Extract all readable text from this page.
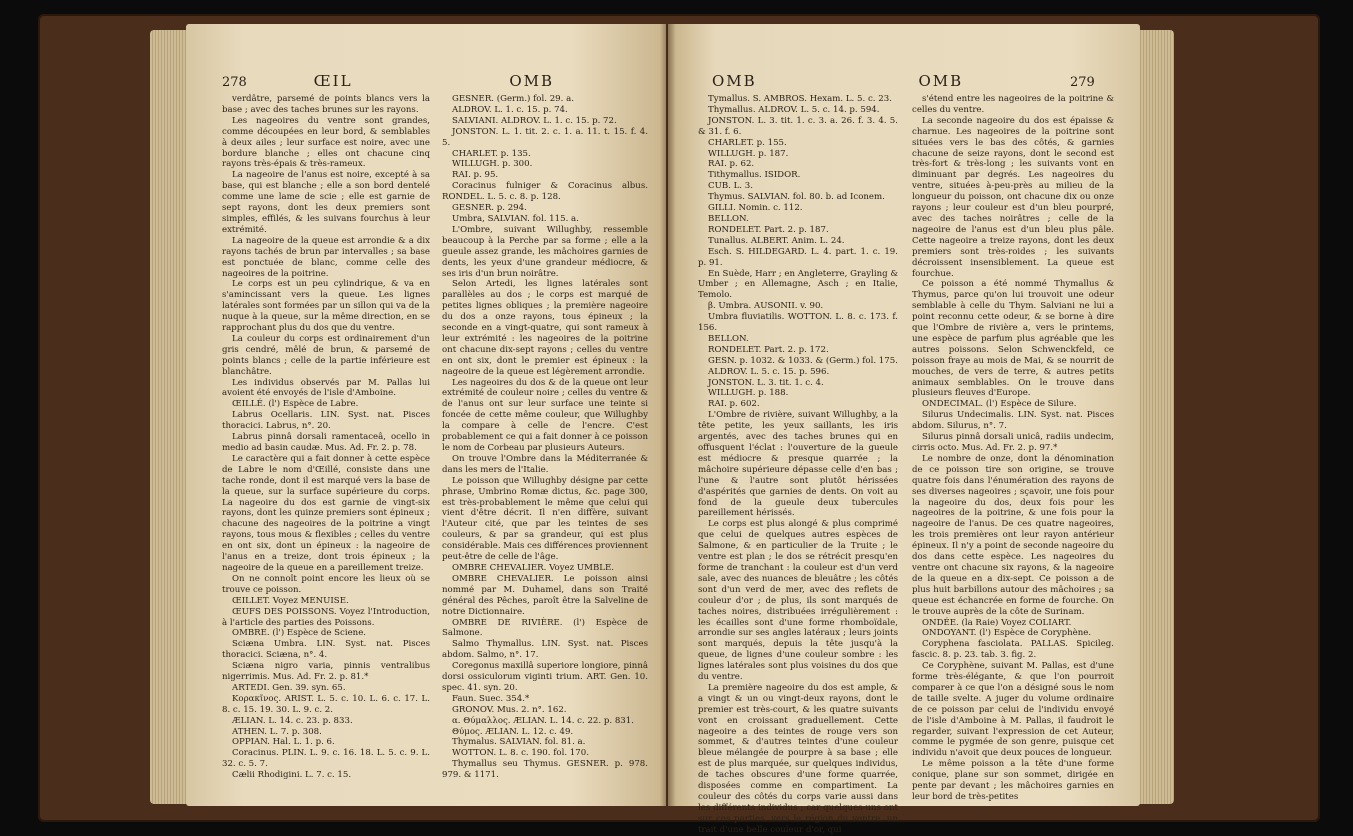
278	ŒIL	OMB

verdâtre, parsemé de points blancs vers la base ; avec des taches brunes sur les rayons.

Les nageoires du ventre sont grandes, comme découpées en leur bord, & semblables à deux ailes ; leur surface est noire, avec une bordure blanche ; elles ont chacune cinq rayons très-épais & très-rameux.

La nageoire de l'anus est noire, excepté à sa base, qui est blanche ; elle a son bord dentelé comme une lame de scie ; elle est garnie de sept rayons, dont les deux premiers sont simples, effilés, & les suivans fourchus à leur extrémité.

La nageoire de la queue est arrondie & a dix rayons tachés de brun par intervalles ; sa base est ponctuée de blanc, comme celle des nageoires de la poitrine.

Le corps est un peu cylindrique, & va en s'amincissant vers la queue. Les lignes latérales sont formées par un sillon qui va de la nuque à la queue, sur la même direction, en se rapprochant plus du dos que du ventre.

La couleur du corps est ordinairement d'un gris cendré, mêlé de brun, & parsemé de points blancs ; celle de la partie inférieure est blanchâtre.

Les individus observés par M. Pallas lui avoient été envoyés de l'isle d'Amboine.

ŒILLÉ. (l') Espèce de Labre.

Labrus Ocellaris. LIN. Syst. nat. Pisces thoracici. Labrus, n°. 20.

Labrus pinnâ dorsali ramentaceâ, ocello in medio ad basin caudæ. Mus. Ad. Fr. 2. p. 78.

Le caractère qui a fait donner à cette espèce de Labre le nom d'Œillé, consiste dans une tache ronde, dont il est marqué vers la base de la queue, sur la surface supérieure du corps. La nageoire du dos est garnie de vingt-six rayons, dont les quinze premiers sont épineux ; chacune des nageoires de la poitrine a vingt rayons, tous mous & flexibles ; celles du ventre en ont six, dont un épineux : la nageoire de l'anus en a treize, dont trois épineux ; la nageoire de la queue en a pareillement treize.

On ne connoît point encore les lieux où se trouve ce poisson.

ŒILLET. Voyez MENUISE.

ŒUFS DES POISSONS. Voyez l'Introduction, à l'article des parties des Poissons.

OMBRE. (l') Espèce de Sciene.

Sciæna Umbra. LIN. Syst. nat. Pisces thoracici. Sciæna, n°. 4.

Sciæna nigro varia, pinnis ventralibus nigerrimis. Mus. Ad. Fr. 2. p. 81.*

ARTEDI. Gen. 39. syn. 65.

Κορακῖνος. ARIST. L. 5. c. 10. L. 6. c. 17. L. 8. c. 15. 19. 30. L. 9. c. 2.

ÆLIAN. L. 14. c. 23. p. 833.

ATHEN. L. 7. p. 308.

OPPIAN. Hal. L. 1. p. 6.

Coracinus. PLIN. L. 9. c. 16. 18. L. 5. c. 9. L. 32. c. 5. 7.

Cælii Rhodigini. L. 7. c. 15.

GESNER. (Germ.) fol. 29. a.

ALDROV. L. 1. c. 15. p. 74.

SALVIANI. ALDROV. L. 1. c. 15. p. 72.

JONSTON. L. 1. tit. 2. c. 1. a. 11. t. 15. f. 4. 5.

CHARLET. p. 135.

WILLUGH. p. 300.

RAI. p. 95.

Coracinus fulniger & Coracinus albus. RONDEL. L. 5. c. 8. p. 128.

GESNER. p. 294.

Umbra, SALVIAN. fol. 115. a.

L'Ombre, suivant Willughby, ressemble beaucoup à la Perche par sa forme ; elle a la gueule assez grande, les mâchoires garnies de dents, les yeux d'une grandeur médiocre, & ses iris d'un brun noirâtre.

Selon Artedi, les lignes latérales sont parallèles au dos ; le corps est marqué de petites lignes obliques ; la première nageoire du dos a onze rayons, tous épineux ; la seconde en a vingt-quatre, qui sont rameux à leur extrémité : les nageoires de la poitrine ont chacune dix-sept rayons ; celles du ventre en ont six, dont le premier est épineux : la nageoire de la queue est légèrement arrondie.

Les nageoires du dos & de la queue ont leur extrémité de couleur noire ; celles du ventre & de l'anus ont sur leur surface une teinte si foncée de cette même couleur, que Willughby la compare à celle de l'encre. C'est probablement ce qui a fait donner à ce poisson le nom de Corbeau par plusieurs Auteurs.

On trouve l'Ombre dans la Méditerranée & dans les mers de l'Italie.

Le poisson que Willughby désigne par cette phrase, Umbrino Romæ dictus, &c. page 300, est très-probablement le même que celui qui vient d'être décrit. Il n'en diffère, suivant l'Auteur cité, que par les teintes de ses couleurs, & par sa grandeur, qui est plus considérable. Mais ces différences proviennent peut-être de celle de l'âge.

OMBRE CHEVALIER. Voyez UMBLE.

OMBRE CHEVALIER. Le poisson ainsi nommé par M. Duhamel, dans son Traité général des Pêches, paroît être la Salveline de notre Dictionnaire.

OMBRE DE RIVIÈRE. (l') Espèce de Salmone.

Salmo Thymallus. LIN. Syst. nat. Pisces abdom. Salmo, n°. 17.

Coregonus maxillâ superiore longiore, pinnâ dorsi ossiculorum viginti trium. ART. Gen. 10. spec. 41. syn. 20.

Faun. Suec. 354.*

GRONOV. Mus. 2. n°. 162.

α. Θύμαλλος. ÆLIAN. L. 14. c. 22. p. 831.

Θύμος. ÆLIAN. L. 12. c. 49.

Thymalus. SALVIAN. fol. 81. a.

WOTTON. L. 8. c. 190. fol. 170.

Thymallus seu Thymus. GESNER. p. 978. 979. & 1171.

OMB	OMB	279

Tymallus. S. AMBROS. Hexam. L. 5. c. 23.

Thymallus. ALDROV. L. 5. c. 14. p. 594.

JONSTON. L. 3. tit. 1. c. 3. a. 26. f. 3. 4. 5. & 31. f. 6.

CHARLET. p. 155.

WILLUGH. p. 187.

RAI. p. 62.

Tithymallus. ISIDOR.

CUB. L. 3.

Thymus. SALVIAN. fol. 80. b. ad Iconem.

GILLI. Nomin. c. 112.

BELLON.

RONDELET. Part. 2. p. 187.

Tunallus. ALBERT. Anim. L. 24.

Esch. S. HILDEGARD. L. 4. part. 1. c. 19. p. 91.

En Suède, Harr ; en Angleterre, Grayling & Umber ; en Allemagne, Asch ; en Italie, Temolo.

β. Umbra. AUSONII. v. 90.

Umbra fluviatilis. WOTTON. L. 8. c. 173. f. 156.

BELLON.

RONDELET. Part. 2. p. 172.

GESN. p. 1032. & 1033. & (Germ.) fol. 175.

ALDROV. L. 5. c. 15. p. 596.

JONSTON. L. 3. tit. 1. c. 4.

WILLUGH. p. 188.

RAI. p. 602.

L'Ombre de rivière, suivant Willughby, a la tête petite, les yeux saillants, les iris argentés, avec des taches brunes qui en offusquent l'éclat : l'ouverture de la gueule est médiocre & presque quarrée ; la mâchoire supérieure dépasse celle d'en bas ; l'une & l'autre sont plutôt hérissées d'aspérités que garnies de dents. On voit au fond de la gueule deux tubercules pareillement hérissés.

Le corps est plus alongé & plus comprimé que celui de quelques autres espèces de Salmone, & en particulier de la Truite ; le ventre est plan ; le dos se rétrécit presqu'en forme de tranchant : la couleur est d'un verd sale, avec des nuances de bleuâtre ; les côtés sont d'un verd de mer, avec des reflets de couleur d'or ; de plus, ils sont marqués de taches noires, distribuées irrégulièrement : les écailles sont d'une forme rhomboïdale, arrondie sur ses angles latéraux ; leurs joints sont marqués, depuis la tête jusqu'à la queue, de lignes d'une couleur sombre : les lignes latérales sont plus voisines du dos que du ventre.

La première nageoire du dos est ample, & a vingt & un ou vingt-deux rayons, dont le premier est très-court, & les quatre suivants vont en croissant graduellement. Cette nageoire a des teintes de rouge vers son sommet, & d'autres teintes d'une couleur bleue mélangée de pourpre à sa base ; elle est de plus marquée, sur quelques individus, de taches obscures d'une forme quarrée, disposées comme en compartiment. La couleur des côtés du corps varie aussi dans les différents individus ; car quelques-uns ont sur ces parties, vers la région du ventre, un trait d'une belle couleur d'or, qui

s'étend entre les nageoires de la poitrine & celles du ventre.

La seconde nageoire du dos est épaisse & charnue. Les nageoires de la poitrine sont situées vers le bas des côtés, & garnies chacune de seize rayons, dont le second est très-fort & très-long ; les suivants vont en diminuant par degrés. Les nageoires du ventre, situées à-peu-près au milieu de la longueur du poisson, ont chacune dix ou onze rayons ; leur couleur est d'un bleu pourpré, avec des taches noirâtres ; celle de la nageoire de l'anus est d'un bleu plus pâle. Cette nageoire a treize rayons, dont les deux premiers sont très-roides ; les suivants décroissent insensiblement. La queue est fourchue.

Ce poisson a été nommé Thymallus & Thymus, parce qu'on lui trouvoit une odeur semblable à celle du Thym. Salviani ne lui a point reconnu cette odeur, & se borne à dire que l'Ombre de rivière a, vers le printems, une espèce de parfum plus agréable que les autres poissons. Selon Schwenckfeld, ce poisson fraye au mois de Mai, & se nourrit de mouches, de vers de terre, & autres petits animaux semblables. On le trouve dans plusieurs fleuves d'Europe.

ONDECIMAL. (l') Espèce de Silure.

Silurus Undecimalis. LIN. Syst. nat. Pisces abdom. Silurus, n°. 7.

Silurus pinnâ dorsali unicâ, radiis undecim, cirris octo. Mus. Ad. Fr. 2. p. 97.*

Le nombre de onze, dont la dénomination de ce poisson tire son origine, se trouve quatre fois dans l'énumération des rayons de ses diverses nageoires ; sçavoir, une fois pour la nageoire du dos, deux fois pour les nageoires de la poitrine, & une fois pour la nageoire de l'anus. De ces quatre nageoires, les trois premières ont leur rayon antérieur épineux. Il n'y a point de seconde nageoire du dos dans cette espèce. Les nageoires du ventre ont chacune six rayons, & la nageoire de la queue en a dix-sept. Ce poisson a de plus huit barbillons autour des mâchoires ; sa queue est échancrée en forme de fourche. On le trouve auprès de la côte de Surinam.

ONDÉE. (la Raie) Voyez COLIART.

ONDOYANT. (l') Espèce de Coryphène.

Coryphena fasciolata. PALLAS. Spicileg. fascic. 8. p. 23. tab. 3. fig. 2.

Ce Coryphène, suivant M. Pallas, est d'une forme très-élégante, & que l'on pourroit comparer à ce que l'on a désigné sous le nom de taille svelte. A juger du volume ordinaire de ce poisson par celui de l'individu envoyé de l'isle d'Amboine à M. Pallas, il faudroit le regarder, suivant l'expression de cet Auteur, comme le pygmée de son genre, puisque cet individu n'avoit que deux pouces de longueur.

Le même poisson a la tête d'une forme conique, plane sur son sommet, dirigée en pente par devant ; les mâchoires garnies en leur bord de très-petites
